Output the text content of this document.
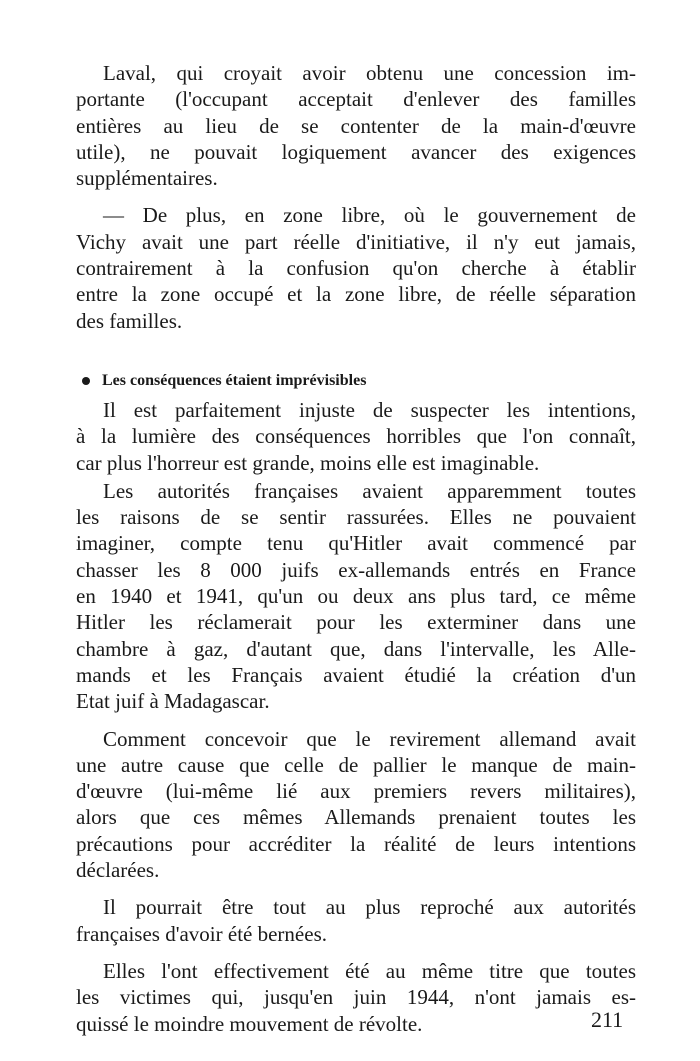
Laval, qui croyait avoir obtenu une concession im-

portante (l'occupant acceptait d'enlever des familles

entières au lieu de se contenter de la main-d'œuvre

utile), ne pouvait logiquement avancer des exigences

supplémentaires.

— De plus, en zone libre, où le gouvernement de

Vichy avait une part réelle d'initiative, il n'y eut jamais,

contrairement à la confusion qu'on cherche à établir

entre la zone occupé et la zone libre, de réelle séparation

des familles.

Les conséquences étaient imprévisibles

Il est parfaitement injuste de suspecter les intentions,

à la lumière des conséquences horribles que l'on connaît,

car plus l'horreur est grande, moins elle est imaginable.

Les autorités françaises avaient apparemment toutes

les raisons de se sentir rassurées. Elles ne pouvaient

imaginer, compte tenu qu'Hitler avait commencé par

chasser les 8 000 juifs ex-allemands entrés en France

en 1940 et 1941, qu'un ou deux ans plus tard, ce même

Hitler les réclamerait pour les exterminer dans une

chambre à gaz, d'autant que, dans l'intervalle, les Alle-

mands et les Français avaient étudié la création d'un

Etat juif à Madagascar.

Comment concevoir que le revirement allemand avait

une autre cause que celle de pallier le manque de main-

d'œuvre (lui-même lié aux premiers revers militaires),

alors que ces mêmes Allemands prenaient toutes les

précautions pour accréditer la réalité de leurs intentions

déclarées.

Il pourrait être tout au plus reproché aux autorités

françaises d'avoir été bernées.

Elles l'ont effectivement été au même titre que toutes

les victimes qui, jusqu'en juin 1944, n'ont jamais es-

quissé le moindre mouvement de révolte.	211
